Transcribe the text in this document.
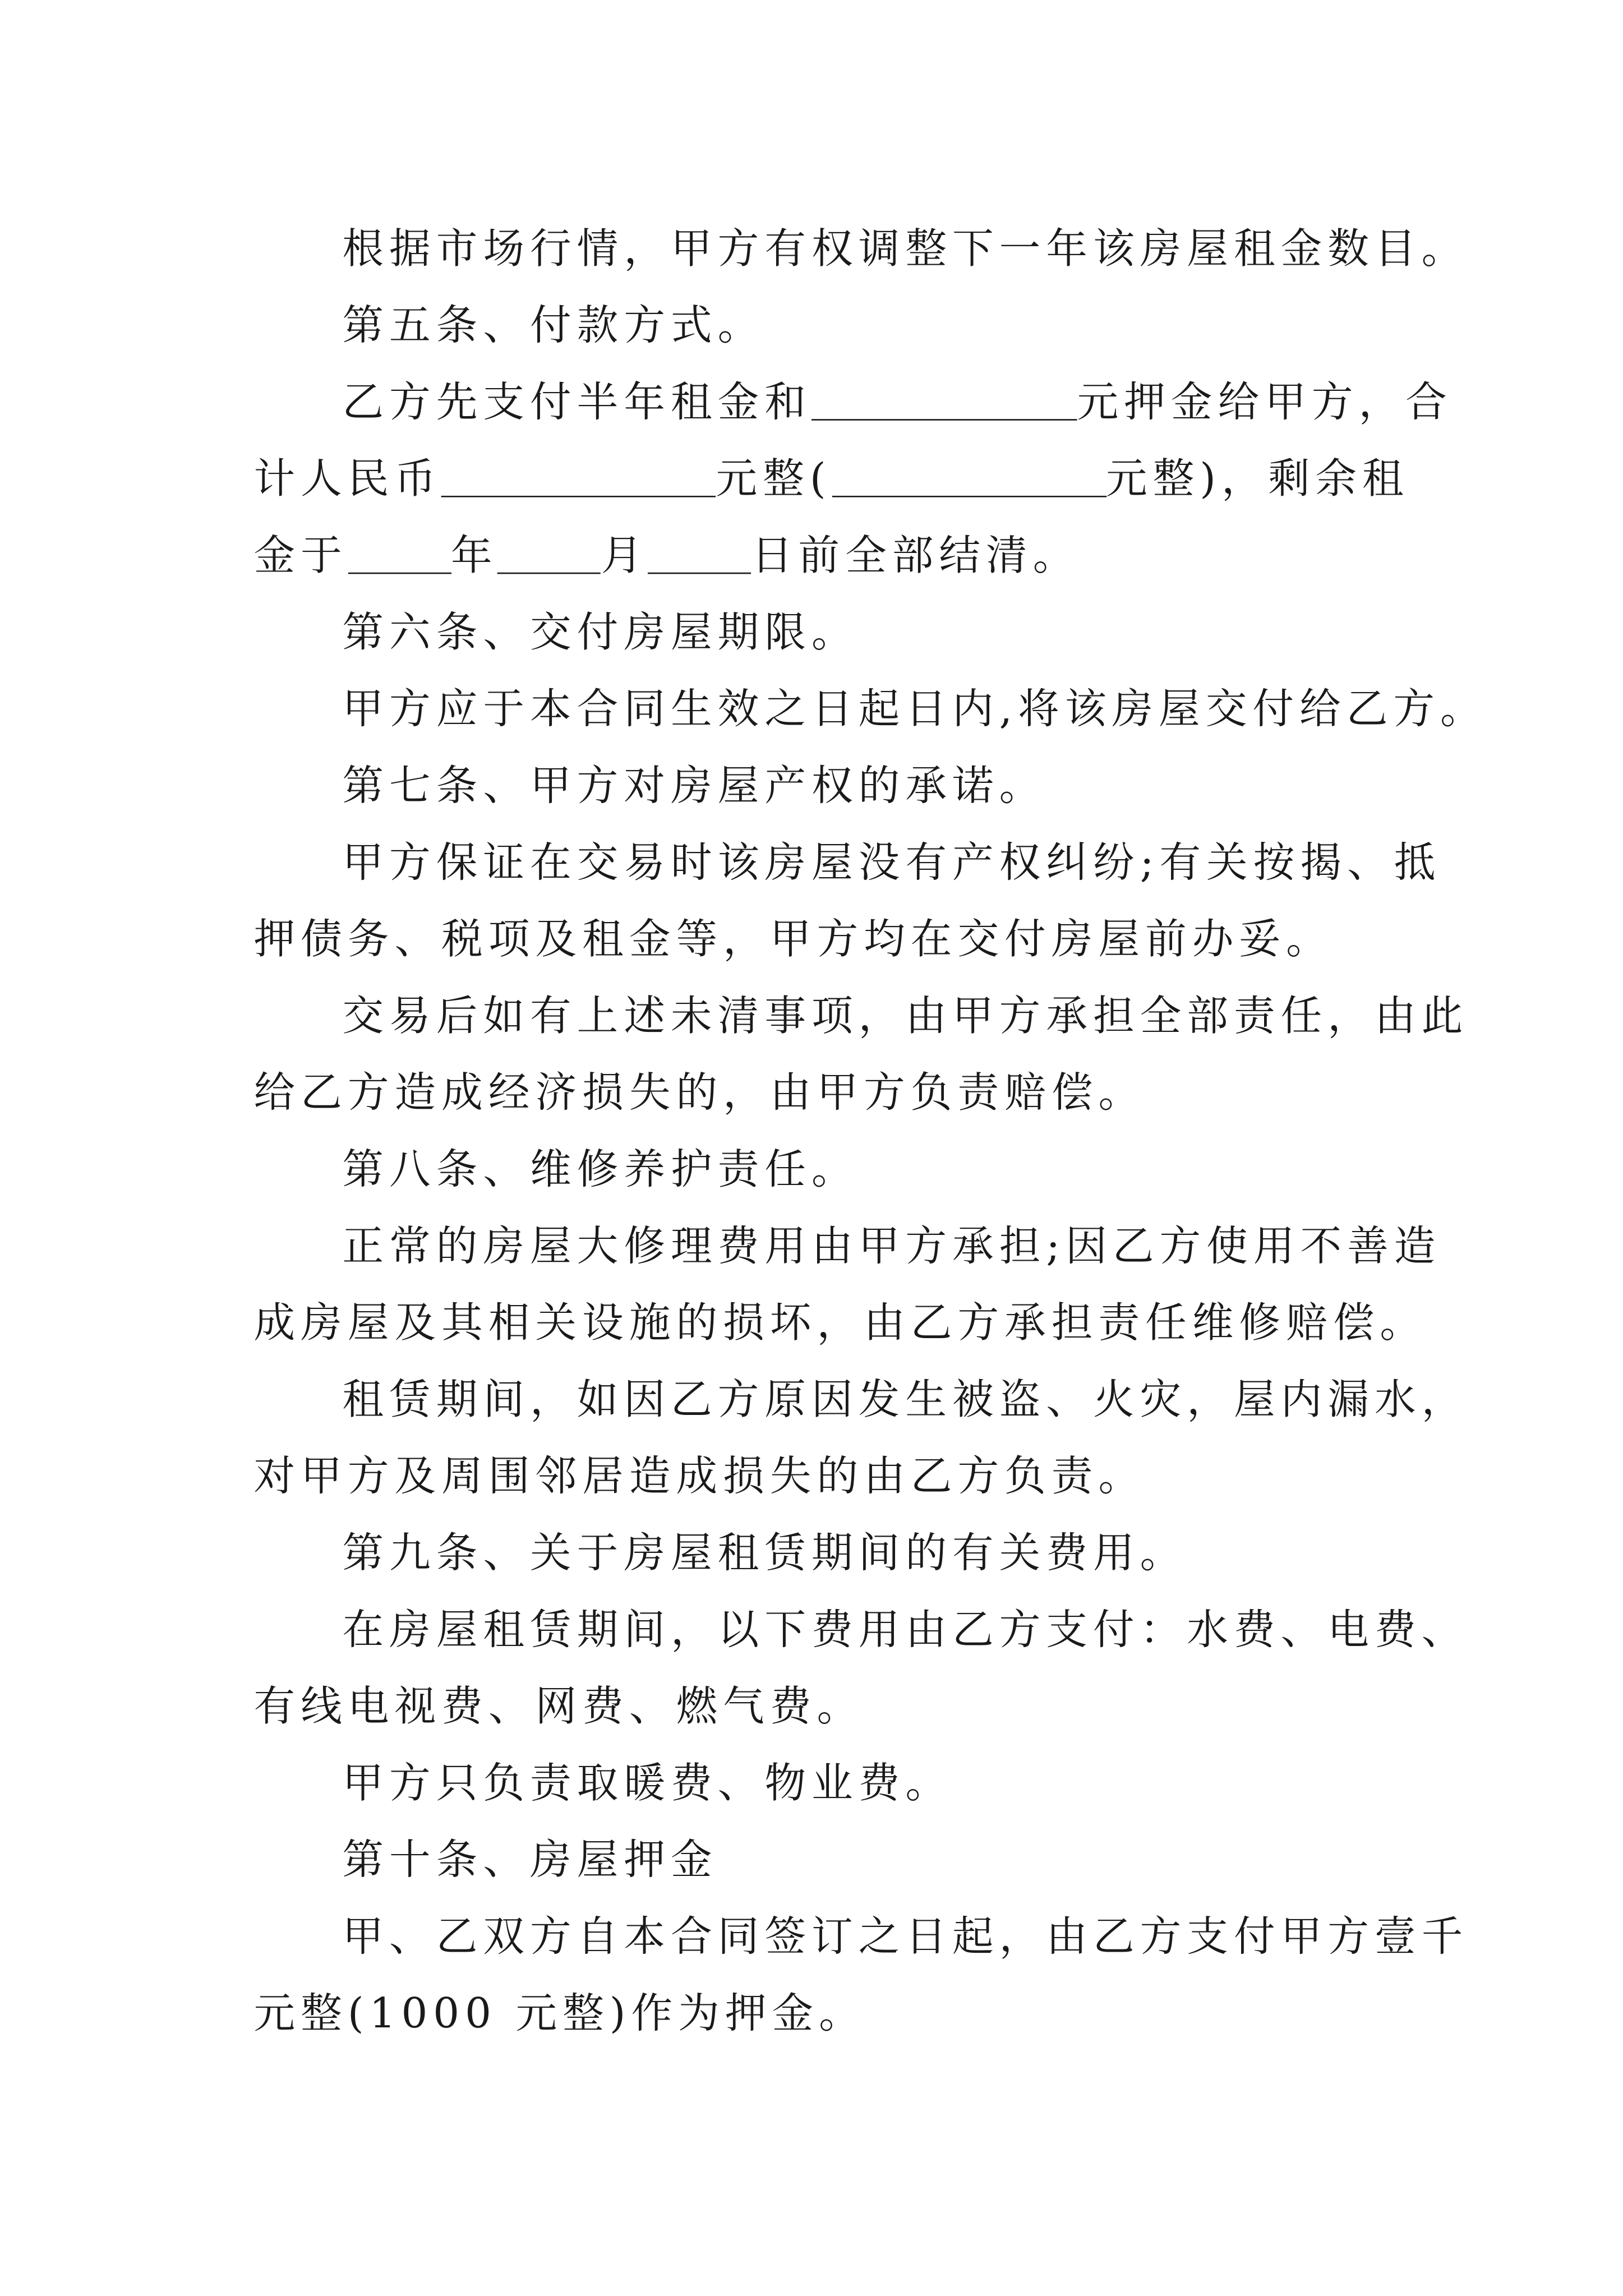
根据市场行情，甲方有权调整下一年该房屋租金数目。

第五条、付款方式。

乙方先支付半年租金和	元押金给甲方，合

计人民币	元整(	元整)，剩余租

金于	年	月	日前全部结清。

第六条、交付房屋期限。

甲方应于本合同生效之日起日内,将该房屋交付给乙方。

第七条、甲方对房屋产权的承诺。

甲方保证在交易时该房屋没有产权纠纷;有关按揭、抵

押债务、税项及租金等，甲方均在交付房屋前办妥。

交易后如有上述未清事项，由甲方承担全部责任，由此

给乙方造成经济损失的，由甲方负责赔偿。

第八条、维修养护责任。

正常的房屋大修理费用由甲方承担;因乙方使用不善造

成房屋及其相关设施的损坏，由乙方承担责任维修赔偿。

租赁期间，如因乙方原因发生被盗、火灾，屋内漏水，

对甲方及周围邻居造成损失的由乙方负责。

第九条、关于房屋租赁期间的有关费用。

在房屋租赁期间，以下费用由乙方支付：水费、电费、

有线电视费、网费、燃气费。

甲方只负责取暖费、物业费。

第十条、房屋押金

甲、乙双方自本合同签订之日起，由乙方支付甲方壹千

元整(1000 元整)作为押金。
